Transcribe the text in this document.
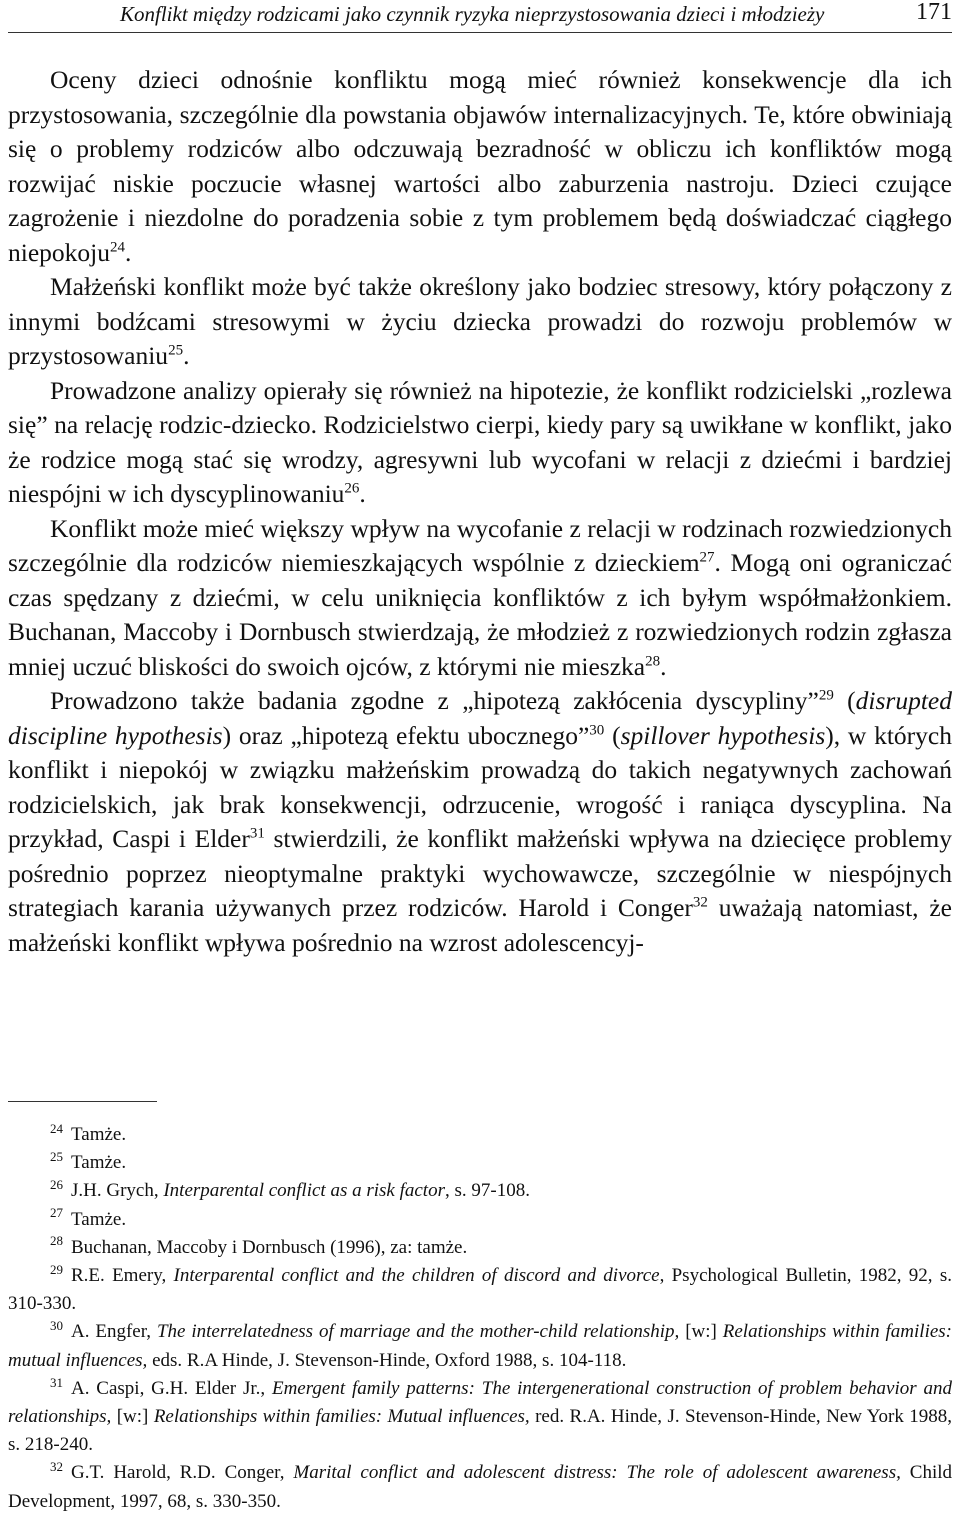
Konflikt między rodzicami jako czynnik ryzyka nieprzystosowania dzieci i młodzieży	171

Oceny dzieci odnośnie konfliktu mogą mieć również konsekwencje dla ich przystosowania, szczególnie dla powstania objawów internalizacyjnych. Te, które obwiniają się o problemy rodziców albo odczuwają bezradność w obliczu ich konfliktów mogą rozwijać niskie poczucie własnej wartości albo zaburzenia nastroju. Dzieci czujące zagrożenie i niezdolne do poradzenia sobie z tym problemem będą doświadczać ciągłego niepokoju$^{24}$.

Małżeński konflikt może być także określony jako bodziec stresowy, który połączony z innymi bodźcami stresowymi w życiu dziecka prowadzi do rozwoju problemów w przystosowaniu$^{25}$.

Prowadzone analizy opierały się również na hipotezie, że konflikt rodzicielski „rozlewa się” na relację rodzic-dziecko. Rodzicielstwo cierpi, kiedy pary są uwikłane w konflikt, jako że rodzice mogą stać się wrodzy, agresywni lub wycofani w relacji z dziećmi i bardziej niespójni w ich dyscyplinowaniu$^{26}$.

Konflikt może mieć większy wpływ na wycofanie z relacji w rodzinach rozwiedzionych szczególnie dla rodziców niemieszkających wspólnie z dzieckiem$^{27}$. Mogą oni ograniczać czas spędzany z dziećmi, w celu uniknięcia konfliktów z ich byłym współmałżonkiem. Buchanan, Maccoby i Dornbusch stwierdzają, że młodzież z rozwiedzionych rodzin zgłasza mniej uczuć bliskości do swoich ojców, z którymi nie mieszka$^{28}$.

Prowadzono także badania zgodne z „hipotezą zakłócenia dyscypliny”$^{29}$ (disrupted discipline hypothesis) oraz „hipotezą efektu ubocznego”$^{30}$ (spillover hypothesis), w których konflikt i niepokój w związku małżeńskim prowadzą do takich negatywnych zachowań rodzicielskich, jak brak konsekwencji, odrzucenie, wrogość i raniąca dyscyplina. Na przykład, Caspi i Elder$^{31}$ stwierdzili, że konflikt małżeński wpływa na dziecięce problemy pośrednio poprzez nieoptymalne praktyki wychowawcze, szczególnie w niespójnych strategiach karania używanych przez rodziców. Harold i Conger$^{32}$ uważają natomiast, że małżeński konflikt wpływa pośrednio na wzrost adolescencyj-

$^{24}$ Tamże.

$^{25}$ Tamże.

$^{26}$ J.H. Grych, Interparental conflict as a risk factor, s. 97-108.

$^{27}$ Tamże.

$^{28}$ Buchanan, Maccoby i Dornbusch (1996), za: tamże.

$^{29}$ R.E. Emery, Interparental conflict and the children of discord and divorce, Psychological Bulletin, 1982, 92, s. 310-330.

$^{30}$ A. Engfer, The interrelatedness of marriage and the mother-child relationship, [w:] Relationships within families: mutual influences, eds. R.A Hinde, J. Stevenson-Hinde, Oxford 1988, s. 104-118.

$^{31}$ A. Caspi, G.H. Elder Jr., Emergent family patterns: The intergenerational construction of problem behavior and relationships, [w:] Relationships within families: Mutual influences, red. R.A. Hinde, J. Stevenson-Hinde, New York 1988, s. 218-240.

$^{32}$ G.T. Harold, R.D. Conger, Marital conflict and adolescent distress: The role of adolescent awareness, Child Development, 1997, 68, s. 330-350.
